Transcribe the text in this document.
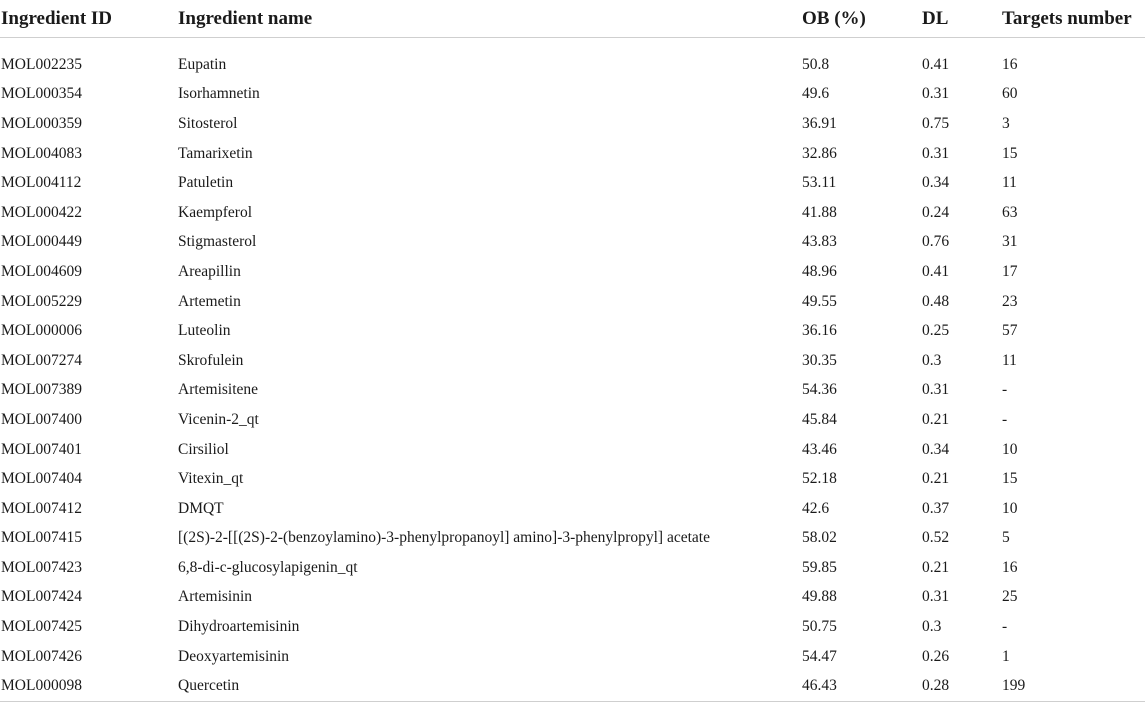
Ingredient ID	Ingredient name	OB (%)	DL	Targets number

MOL002235	Eupatin	50.8	0.41	16
MOL000354	Isorhamnetin	49.6	0.31	60
MOL000359	Sitosterol	36.91	0.75	3
MOL004083	Tamarixetin	32.86	0.31	15
MOL004112	Patuletin	53.11	0.34	11
MOL000422	Kaempferol	41.88	0.24	63
MOL000449	Stigmasterol	43.83	0.76	31
MOL004609	Areapillin	48.96	0.41	17
MOL005229	Artemetin	49.55	0.48	23
MOL000006	Luteolin	36.16	0.25	57
MOL007274	Skrofulein	30.35	0.3	11
MOL007389	Artemisitene	54.36	0.31	-
MOL007400	Vicenin-2_qt	45.84	0.21	-
MOL007401	Cirsiliol	43.46	0.34	10
MOL007404	Vitexin_qt	52.18	0.21	15
MOL007412	DMQT	42.6	0.37	10
MOL007415	[(2S)-2-[[(2S)-2-(benzoylamino)-3-phenylpropanoyl] amino]-3-phenylpropyl] acetate	58.02	0.52	5
MOL007423	6,8-di-c-glucosylapigenin_qt	59.85	0.21	16
MOL007424	Artemisinin	49.88	0.31	25
MOL007425	Dihydroartemisinin	50.75	0.3	-
MOL007426	Deoxyartemisinin	54.47	0.26	1
MOL000098	Quercetin	46.43	0.28	199
